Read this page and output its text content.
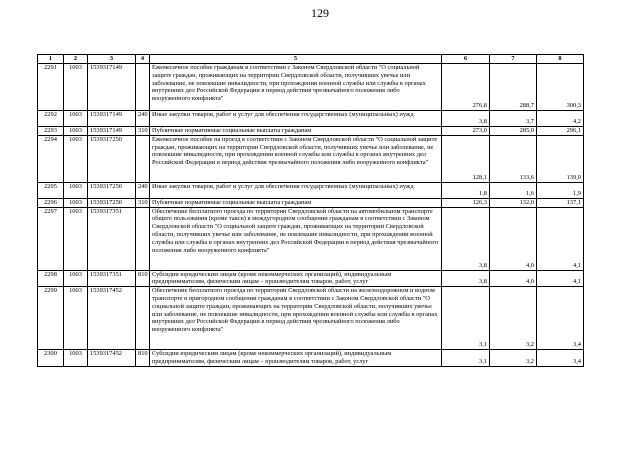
129
1	2	3	4	5	6	7	8
2291	1003	1539317149		Ежемесячное пособие гражданам в соответствии с Законом Свердловской области "О социальной защите граждан, проживающих на территории Свердловской области, получивших увечье или заболевание, не повлекшие инвалидности, при прохождении военной службы или службы в органах внутренних дел Российской Федерации в период действия чрезвычайного положения либо вооруженного конфликта"	276,8	288,7	300,3
2292	1003	1539317149	240	Иные закупки товаров, работ и услуг для обеспечения государственных (муниципальных) нужд	3,8	3,7	4,2
2293	1003	1539317149	310	Публичные нормативные социальные выплаты гражданам	273,0	285,0	296,1
2294	1003	1539317250		Ежемесячное пособие на проезд в соответствии с Законом Свердловской области "О социальной защите граждан, проживающих на территории Свердловской области, получивших увечье или заболевание, не повлекшие инвалидности, при прохождении военной службы или службы в органах внутренних дел Российской Федерации в период действия чрезвычайного положения либо вооруженного конфликта"	128,1	133,6	139,0
2295	1003	1539317250	240	Иные закупки товаров, работ и услуг для обеспечения государственных (муниципальных) нужд	1,8	1,6	1,9
2296	1003	1539317250	310	Публичные нормативные социальные выплаты гражданам	126,3	132,0	137,1
2297	1003	1539317351		Обеспечение бесплатного проезда по территории Свердловской области на автомобильном транспорте общего пользования (кроме такси) в междугородном сообщении гражданам в соответствии с Законом Свердловской области "О социальной защите граждан, проживающих на территории Свердловской области, получивших увечье или заболевание, не повлекшие инвалидности, при прохождении военной службы или службы в органах внутренних дел Российской Федерации в период действия чрезвычайного положения либо вооруженного конфликта"	3,8	4,0	4,1
2298	1003	1539317351	810	Субсидии юридическим лицам (кроме некоммерческих организаций), индивидуальным предпринимателям, физическим лицам – производителям товаров, работ, услуг	3,8	4,0	4,1
2299	1003	1539317452		Обеспечение бесплатного проезда по территории Свердловской области на железнодорожном и водном транспорте в пригородном сообщении гражданам в соответствии с Законом Свердловской области "О социальной защите граждан, проживающих на территории Свердловской области, получивших увечье или заболевание, не повлекшие инвалидности, при прохождении военной службы или службы в органах внутренних дел Российской Федерации в период действия чрезвычайного положения либо вооруженного конфликта"	3,1	3,2	3,4
2300	1003	1539317452	810	Субсидии юридическим лицам (кроме некоммерческих организаций), индивидуальным предпринимателям, физическим лицам – производителям товаров, работ, услуг	3,1	3,2	3,4
